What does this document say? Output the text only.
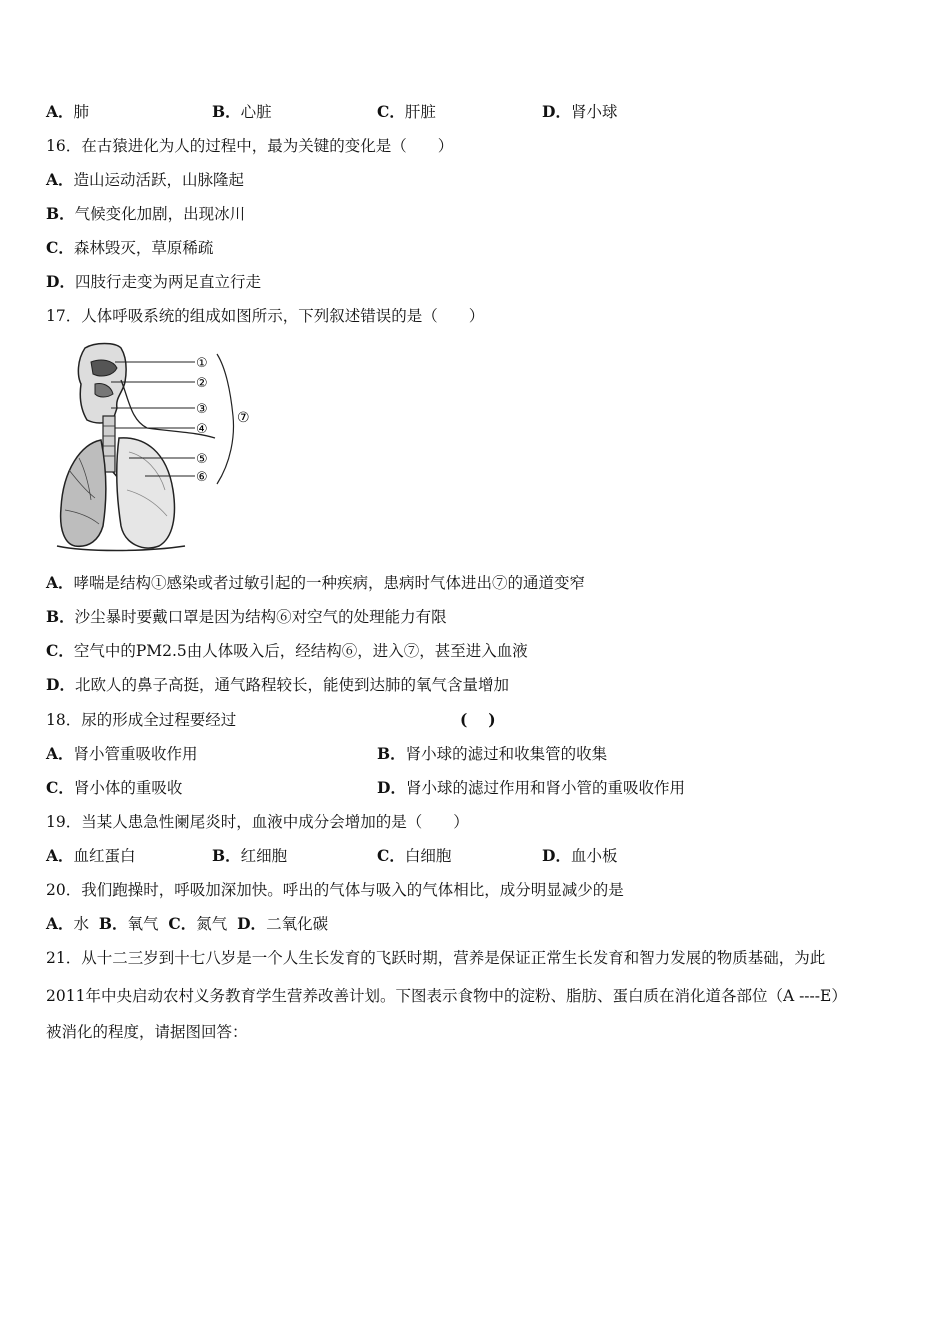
A．肺	B．心脏	C．肝脏	D．肾小球
16．在古猿进化为人的过程中，最为关键的变化是（　　）
A．造山运动活跃，山脉隆起
B．气候变化加剧，出现冰川
C．森林毁灭，草原稀疏
D．四肢行走变为两足直立行走
17．人体呼吸系统的组成如图所示，下列叙述错误的是（　　）
①
②
③
④
⑤
⑥
⑦
A．哮喘是结构①感染或者过敏引起的一种疾病，患病时气体进出⑦的通道变窄
B．沙尘暴时要戴口罩是因为结构⑥对空气的处理能力有限
C．空气中的PM2.5由人体吸入后，经结构⑥，进入⑦，甚至进入血液
D．北欧人的鼻子高挺，通气路程较长，能使到达肺的氧气含量增加
18．尿的形成全过程要经过	(　 )
A．肾小管重吸收作用	B．肾小球的滤过和收集管的收集
C．肾小体的重吸收	D．肾小球的滤过作用和肾小管的重吸收作用
19．当某人患急性阑尾炎时，血液中成分会增加的是（　　）
A．血红蛋白	B．红细胞	C．白细胞	D．血小板
20．我们跑操时，呼吸加深加快。呼出的气体与吸入的气体相比，成分明显减少的是
A．水 B．氧气 C．氮气 D．二氧化碳
21．从十二三岁到十七八岁是一个人生长发育的飞跃时期，营养是保证正常生长发育和智力发展的物质基础，为此
2011年中央启动农村义务教育学生营养改善计划。下图表示食物中的淀粉、脂肪、蛋白质在消化道各部位（A ----E）
被消化的程度，请据图回答：
